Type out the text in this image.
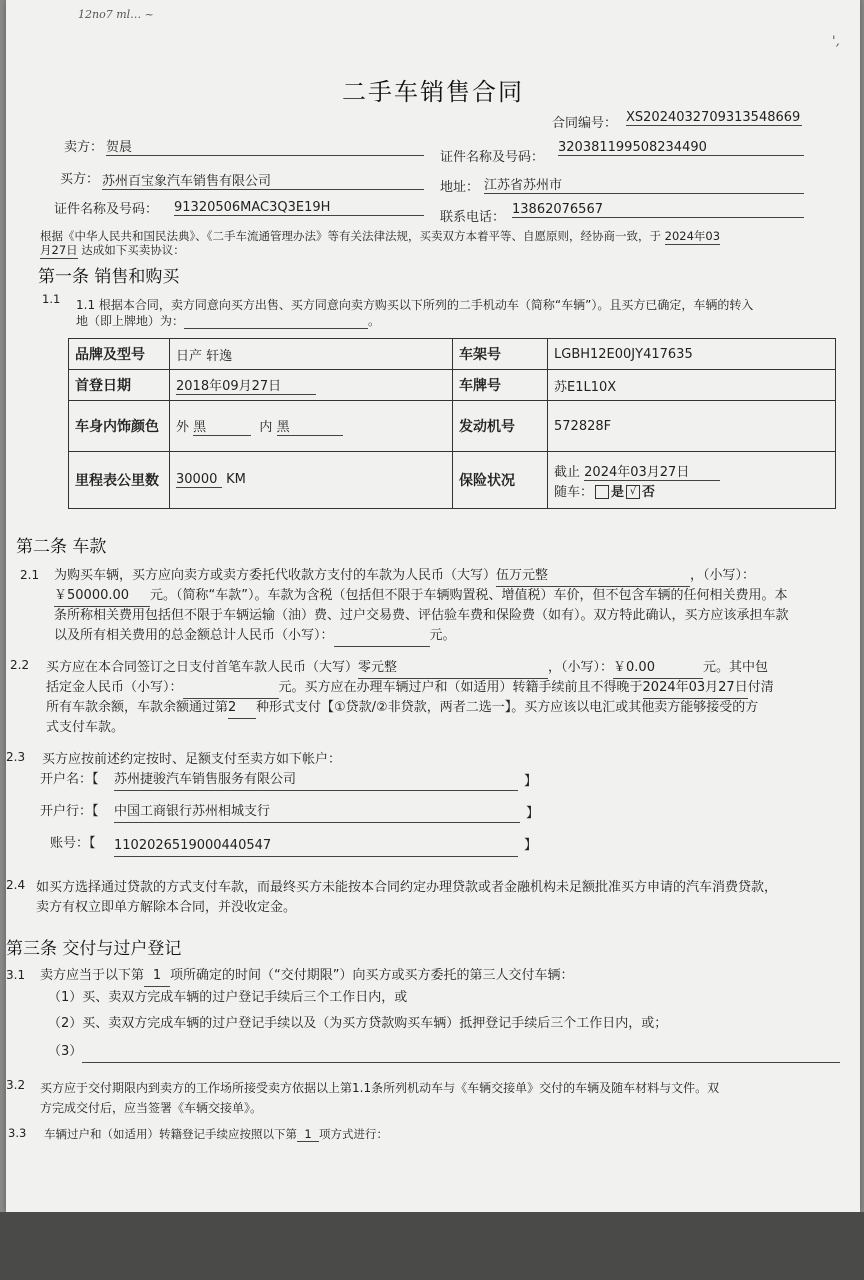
12no7 ml… ~
',
二手车销售合同
合同编号： XS2024032709313548669
卖方： 贺晨
证件名称及号码：
320381199508234490
买方： 苏州百宝象汽车销售有限公司	地址： 江苏省苏州市
证件名称及号码： 91320506MAC3Q3E19H
联系电话：
13862076567
根据《中华人民共和国民法典》、《二手车流通管理办法》等有关法律法规，买卖双方本着平等、自愿原则，经协商一致，于 2024年03
月27日 达成如下买卖协议：
第一条 销售和购买
1.1 1.1 根据本合同，卖方同意向买方出售、买方同意向卖方购买以下所列的二手机动车（简称“车辆”）。且买方已确定，车辆的转入
地（即上牌地）为：	。
品牌及型号	日产 轩逸	车架号	LGBH12E00JY417635
首登日期	2018年09月27日	车牌号	苏E1L10X
车身内饰颜色	外 黑 内 黑	发动机号	572828F
里程表公里数	30000 KM	保险状况	截止 2024年03月27日
随车： 是 √ 否
第二条 车款
2.1 为购买车辆，买方应向卖方或卖方委托代收款方支付的车款为人民币（大写）伍万元整	，（小写）：
￥50000.00 元。（简称“车款”）。车款为含税（包括但不限于车辆购置税、增值税）车价，但不包含车辆的任何相关费用。本
条所称相关费用包括但不限于车辆运输（油）费、过户交易费、评估验车费和保险费（如有）。双方特此确认，买方应该承担车款
以及所有相关费用的总金额总计人民币（小写）：	元。
2.2 买方应在本合同签订之日支付首笔车款人民币（大写）零元整	，（小写）：￥0.00	元。其中包
括定金人民币（小写）：	元。买方应在办理车辆过户和（如适用）转籍手续前且不得晚于2024年03月27日付清
所有车款余额，车款余额通过第2 种形式支付【①贷款/②非贷款，两者二选一】。买方应该以电汇或其他卖方能够接受的方
式支付车款。
2.3 买方应按前述约定按时、足额支付至卖方如下帐户：
开户名：【 苏州捷骏汽车销售服务有限公司	】
开户行：【 中国工商银行苏州相城支行	】
账号：【 1102026519000440547	】
2.4 如买方选择通过贷款的方式支付车款，而最终买方未能按本合同约定办理贷款或者金融机构未足额批准买方申请的汽车消费贷款，
卖方有权立即单方解除本合同，并没收定金。
第三条 交付与过户登记
3.1 卖方应当于以下第 1 项所确定的时间（“交付期限”）向买方或买方委托的第三人交付车辆：
（1）买、卖双方完成车辆的过户登记手续后三个工作日内，或
（2）买、卖双方完成车辆的过户登记手续以及（为买方贷款购买车辆）抵押登记手续后三个工作日内，或；
（3）
3.2 买方应于交付期限内到卖方的工作场所接受卖方依据以上第1.1条所列机动车与《车辆交接单》交付的车辆及随车材料与文件。双
方完成交付后，应当签署《车辆交接单》。
3.3 车辆过户和（如适用）转籍登记手续应按照以下第 1 项方式进行：
